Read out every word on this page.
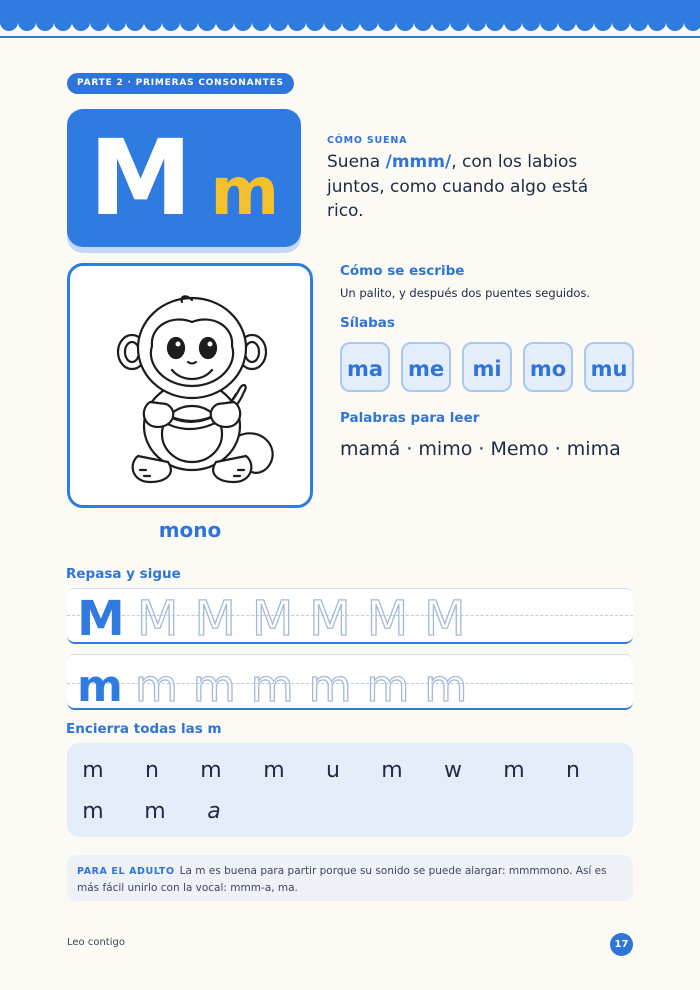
PARTE 2 · PRIMERAS CONSONANTES
M m
CÓMO SUENA
Suena /mmm/, con los labios juntos, como cuando algo está rico.
mono
Cómo se escribe
Un palito, y después dos puentes seguidos.
Sílabas
ma	me	mi	mo	mu
Palabras para leer
mamá · mimo · Memo · mima
Repasa y sigue
M M M M M M M
m m m m m m m
Encierra todas las m
m	n	m m	u	m	w	m	n
m m	a
PARA EL ADULTO La m es buena para partir porque su sonido se puede alargar: mmmmono. Así es más fácil unirlo con la vocal: mmm-a, ma.
Leo contigo	17
